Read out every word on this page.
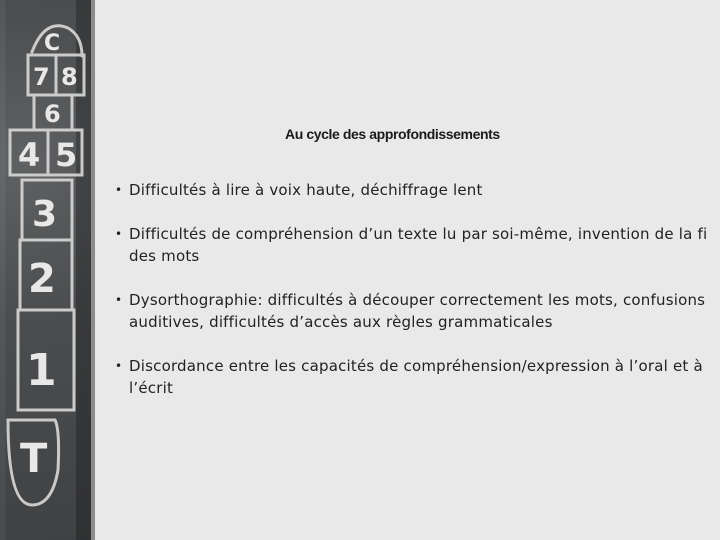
C
7 8
6
4 5
3
2
1
T
Au cycle des approfondissements
• Difficultés à lire à voix haute, déchiffrage lent
• Difficultés de compréhension d’un texte lu par soi-même, invention de la fi
des mots
• Dysorthographie: difficultés à découper correctement les mots, confusions
auditives, difficultés d’accès aux règles grammaticales
• Discordance entre les capacités de compréhension/expression à l’oral et à
l’écrit
